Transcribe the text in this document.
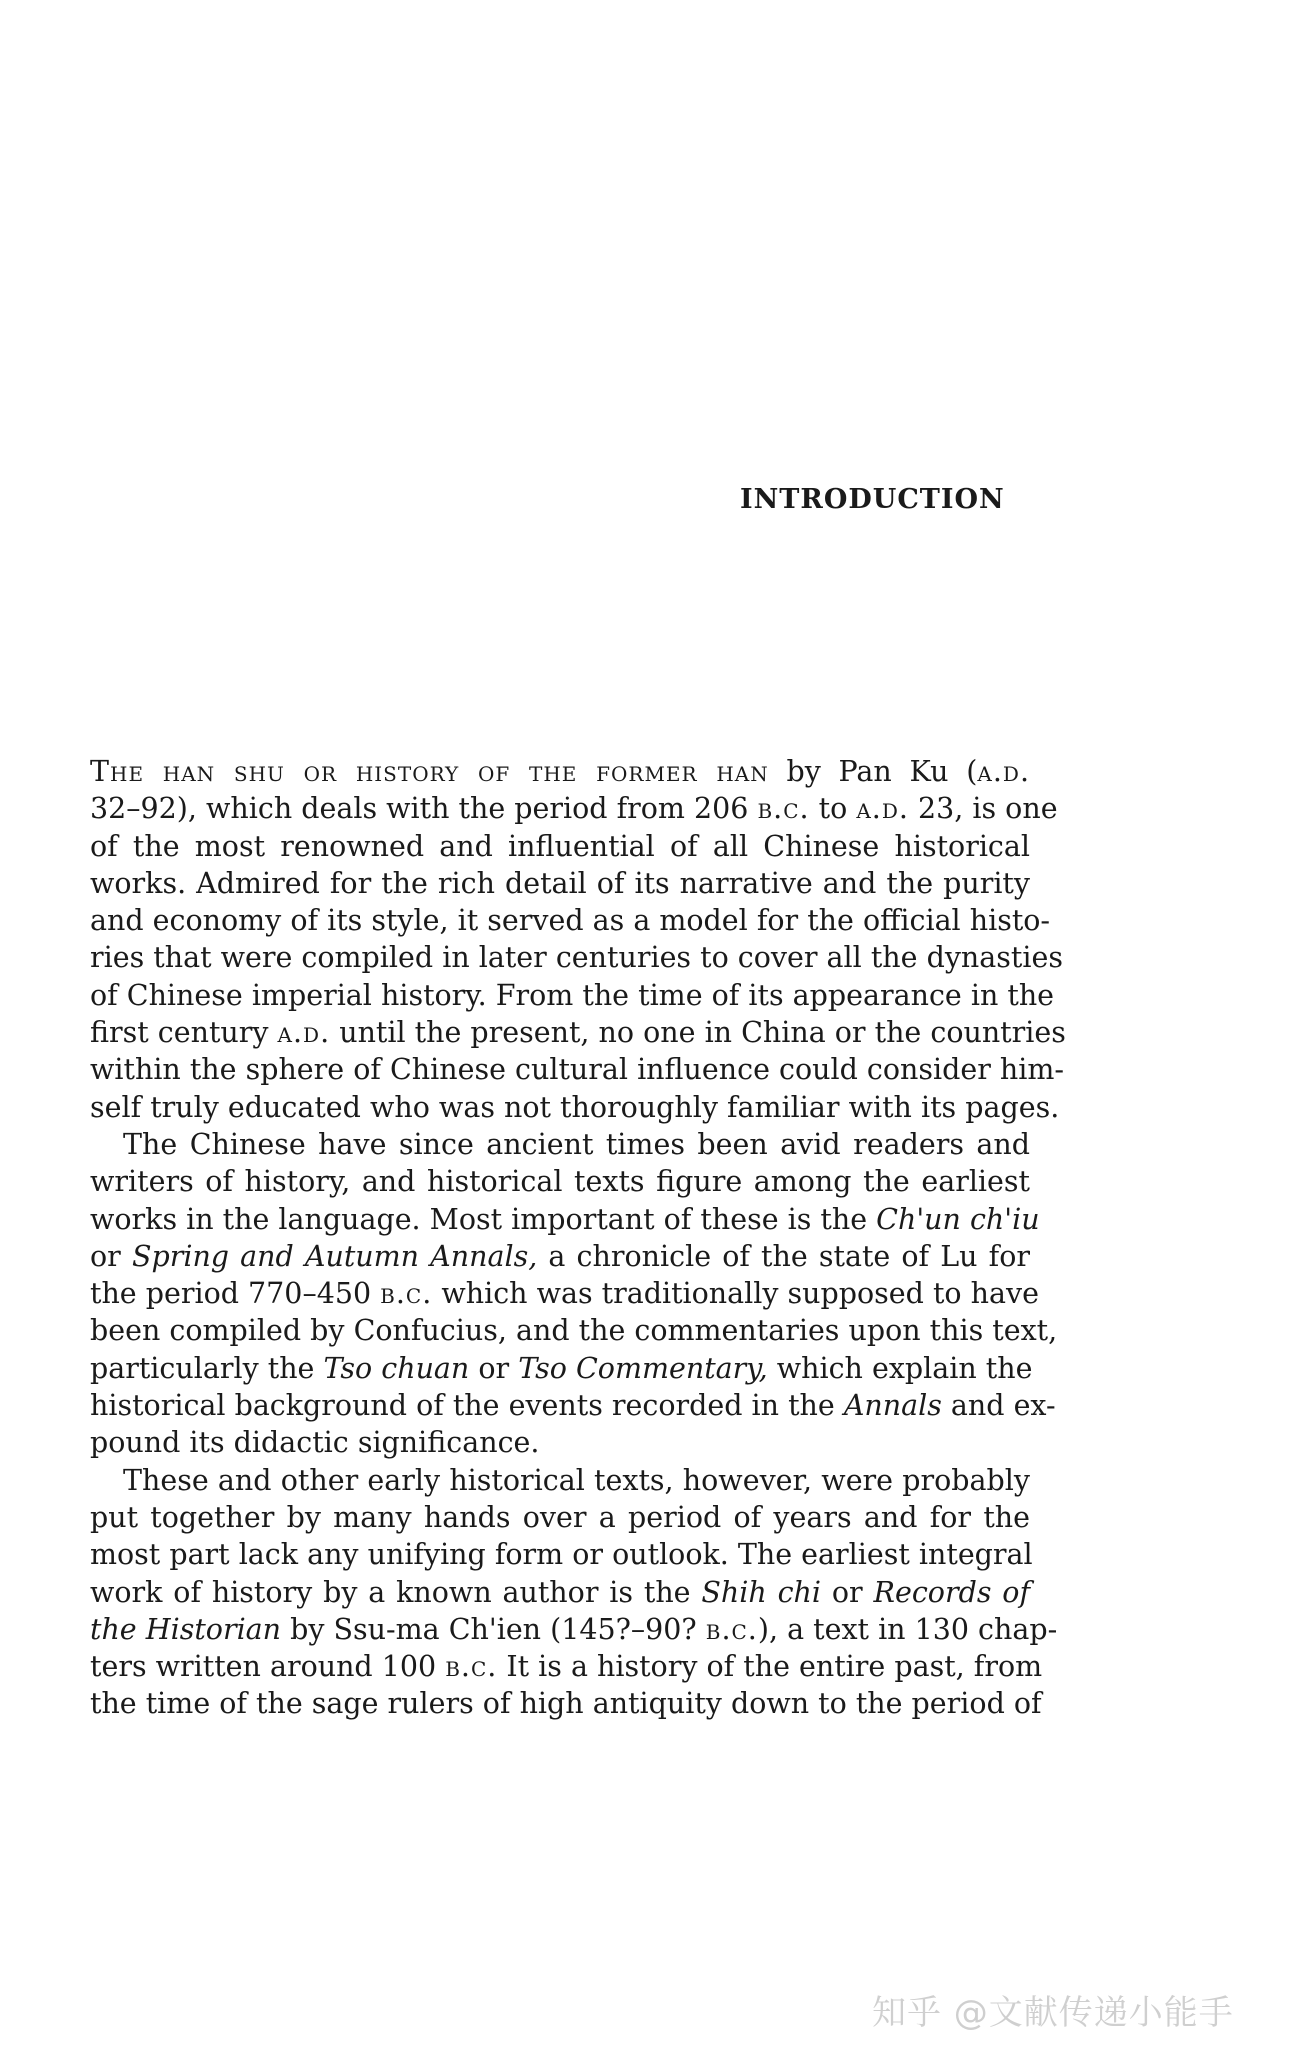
INTRODUCTION
The han shu or history of the former han by Pan Ku (a.d.
32–92), which deals with the period from 206 b.c. to a.d. 23, is one
of the most renowned and influential of all Chinese historical
works. Admired for the rich detail of its narrative and the purity
and economy of its style, it served as a model for the official histo-
ries that were compiled in later centuries to cover all the dynasties
of Chinese imperial history. From the time of its appearance in the
first century a.d. until the present, no one in China or the countries
within the sphere of Chinese cultural influence could consider him-
self truly educated who was not thoroughly familiar with its pages.
The Chinese have since ancient times been avid readers and
writers of history, and historical texts figure among the earliest
works in the language. Most important of these is the Ch'un ch'iu
or Spring and Autumn Annals, a chronicle of the state of Lu for
the period 770–450 b.c. which was traditionally supposed to have
been compiled by Confucius, and the commentaries upon this text,
particularly the Tso chuan or Tso Commentary, which explain the
historical background of the events recorded in the Annals and ex-
pound its didactic significance.
These and other early historical texts, however, were probably
put together by many hands over a period of years and for the
most part lack any unifying form or outlook. The earliest integral
work of history by a known author is the Shih chi or Records of
the Historian by Ssu-ma Ch'ien (145?–90? b.c.), a text in 130 chap-
ters written around 100 b.c. It is a history of the entire past, from
the time of the sage rulers of high antiquity down to the period of
知乎 @文献传递小能手
